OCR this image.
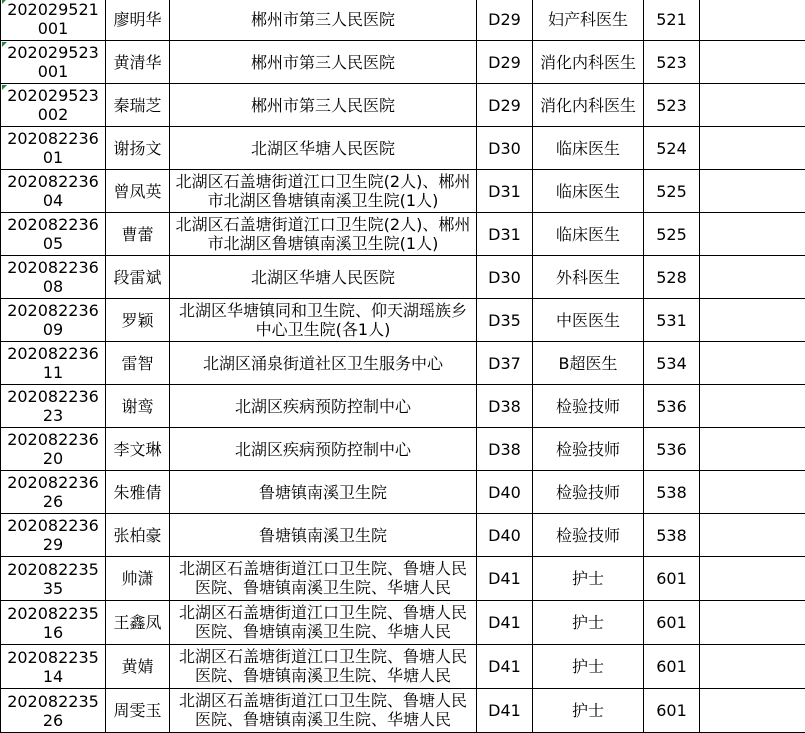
202029521001	廖明华	郴州市第三人民医院	D29	妇产科医生	521	
202029523001	黄清华	郴州市第三人民医院	D29	消化内科医生	523	
202029523002	秦瑞芝	郴州市第三人民医院	D29	消化内科医生	523	
20208223601	谢扬文	北湖区华塘人民医院	D30	临床医生	524	
20208223604	曾凤英	北湖区石盖塘街道江口卫生院(2人)、郴州市北湖区鲁塘镇南溪卫生院(1人)	D31	临床医生	525	
20208223605	曹蕾	北湖区石盖塘街道江口卫生院(2人)、郴州市北湖区鲁塘镇南溪卫生院(1人)	D31	临床医生	525	
20208223608	段雷斌	北湖区华塘人民医院	D30	外科医生	528	
20208223609	罗颖	北湖区华塘镇同和卫生院、仰天湖瑶族乡中心卫生院(各1人)	D35	中医医生	531	
20208223611	雷智	北湖区涌泉街道社区卫生服务中心	D37	B超医生	534	
20208223623	谢鸾	北湖区疾病预防控制中心	D38	检验技师	536	
20208223620	李文琳	北湖区疾病预防控制中心	D38	检验技师	536	
20208223626	朱雅倩	鲁塘镇南溪卫生院	D40	检验技师	538	
20208223629	张柏豪	鲁塘镇南溪卫生院	D40	检验技师	538	
20208223535	帅潇	北湖区石盖塘街道江口卫生院、鲁塘人民医院、鲁塘镇南溪卫生院、华塘人民	D41	护士	601	
20208223516	王鑫凤	北湖区石盖塘街道江口卫生院、鲁塘人民医院、鲁塘镇南溪卫生院、华塘人民	D41	护士	601	
20208223514	黄婧	北湖区石盖塘街道江口卫生院、鲁塘人民医院、鲁塘镇南溪卫生院、华塘人民	D41	护士	601	
20208223526	周雯玉	北湖区石盖塘街道江口卫生院、鲁塘人民医院、鲁塘镇南溪卫生院、华塘人民	D41	护士	601	
